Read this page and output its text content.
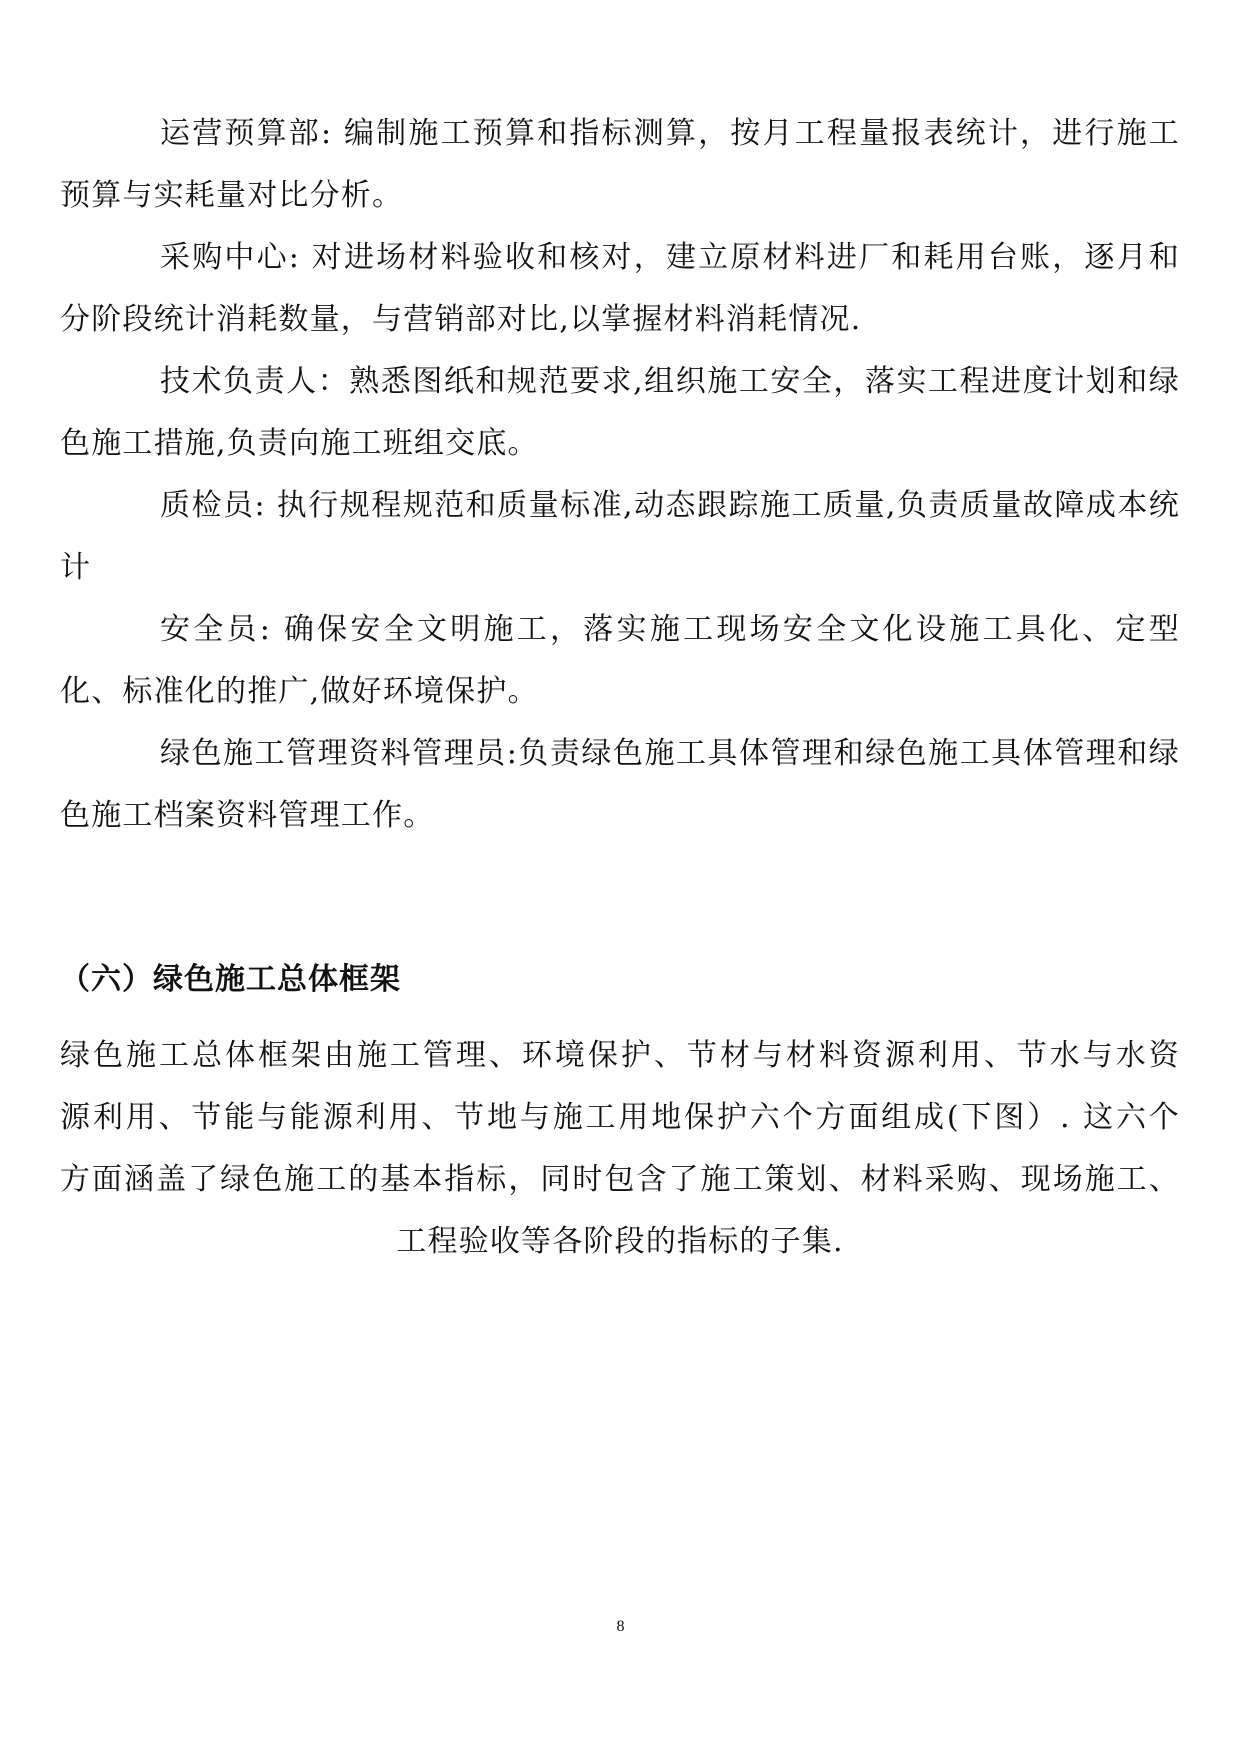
运营预算部: 编制施工预算和指标测算，按月工程量报表统计，进行施工预算与实耗量对比分析。

采购中心: 对进场材料验收和核对，建立原材料进厂和耗用台账，逐月和分阶段统计消耗数量，与营销部对比,以掌握材料消耗情况.

技术负责人：熟悉图纸和规范要求,组织施工安全，落实工程进度计划和绿色施工措施,负责向施工班组交底。

质检员: 执行规程规范和质量标准,动态跟踪施工质量,负责质量故障成本统计

安全员: 确保安全文明施工，落实施工现场安全文化设施工具化、定型化、标准化的推广,做好环境保护。

绿色施工管理资料管理员:负责绿色施工具体管理和绿色施工具体管理和绿色施工档案资料管理工作。

（六）绿色施工总体框架

绿色施工总体框架由施工管理、环境保护、节材与材料资源利用、节水与水资

源利用、节能与能源利用、节地与施工用地保护六个方面组成(下图）. 这六个

方面涵盖了绿色施工的基本指标，同时包含了施工策划、材料采购、现场施工、

工程验收等各阶段的指标的子集.

8
